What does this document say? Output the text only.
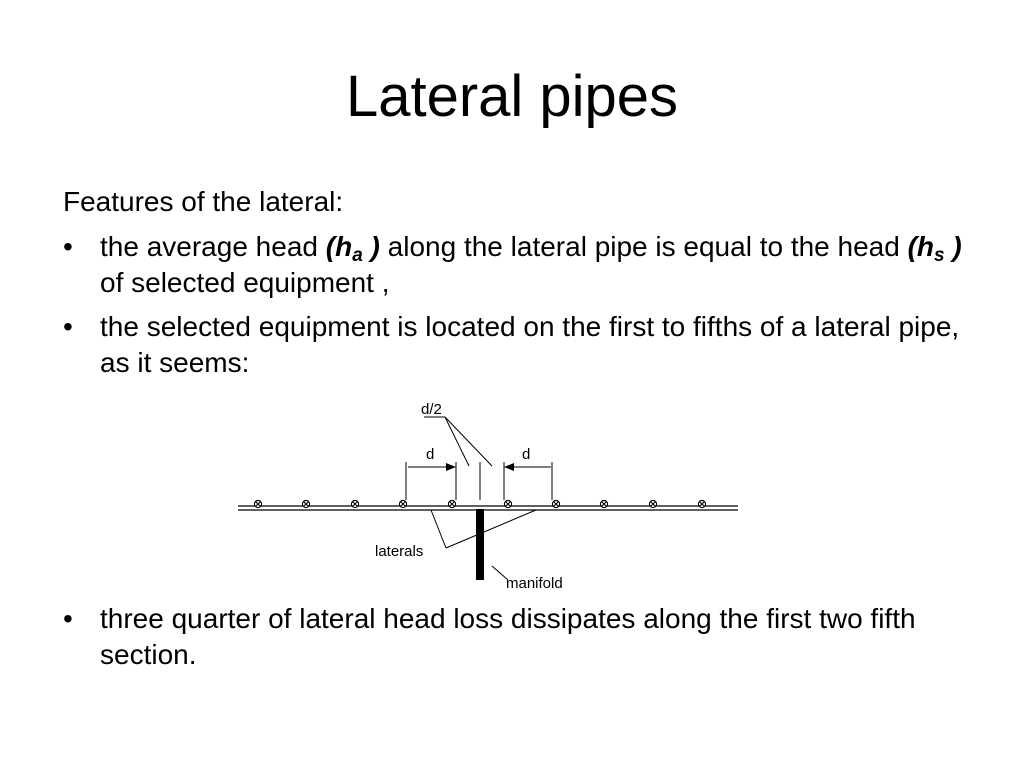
Lateral pipes
Features of the lateral:
• the average head ($h_a$ ) along the lateral pipe is equal to the head ($h_s$ ) of selected equipment ,
• the selected equipment is located on the first to fifths of a lateral pipe, as it seems:
d/2
d	d
laterals
manifold
• three quarter of lateral head loss dissipates along the first two fifth section.
